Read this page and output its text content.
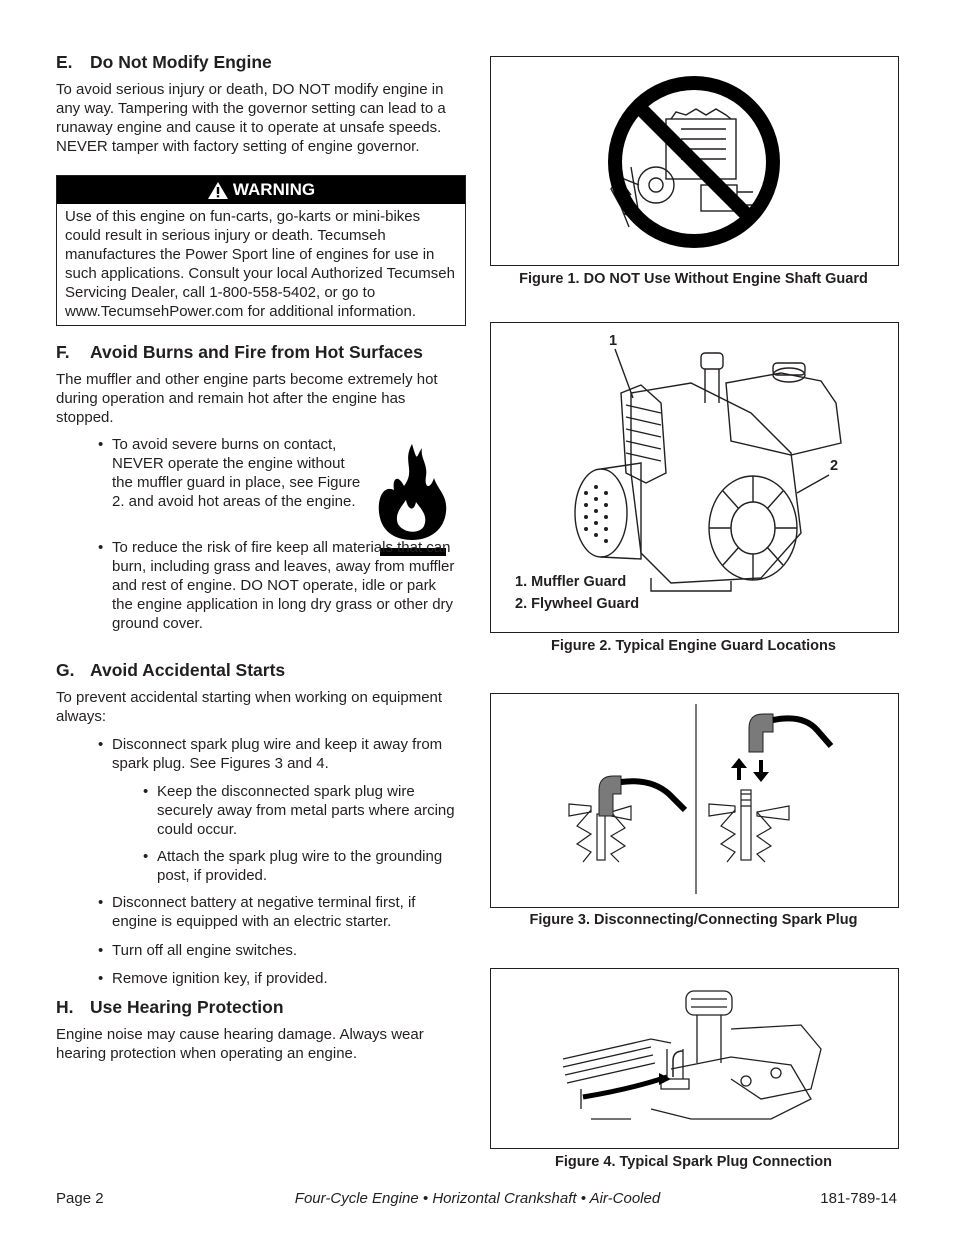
E. Do Not Modify Engine

To avoid serious injury or death, DO NOT modify engine in any way. Tampering with the governor setting can lead to a runaway engine and cause it to operate at unsafe speeds. NEVER tamper with factory setting of engine governor.

WARNING
Use of this engine on fun-carts, go-karts or mini-bikes could result in serious injury or death. Tecumseh manufactures the Power Sport line of engines for use in such applications. Consult your local Authorized Tecumseh Servicing Dealer, call 1-800-558-5402, or go to www.TecumsehPower.com for additional information.
F. Avoid Burns and Fire from Hot Surfaces

The muffler and other engine parts become extremely hot during operation and remain hot after the engine has stopped.

• To avoid severe burns on contact, NEVER operate the engine without the muffler guard in place, see Figure 2. and avoid hot areas of the engine.
• To reduce the risk of fire keep all materials that can burn, including grass and leaves, away from muffler and rest of engine. DO NOT operate, idle or park the engine application in long dry grass or other dry ground cover.
G. Avoid Accidental Starts

To prevent accidental starting when working on equipment always:

• Disconnect spark plug wire and keep it away from spark plug. See Figures 3 and 4.
• Keep the disconnected spark plug wire securely away from metal parts where arcing could occur.
• Attach the spark plug wire to the grounding post, if provided.
• Disconnect battery at negative terminal first, if engine is equipped with an electric starter.
• Turn off all engine switches.
• Remove ignition key, if provided.
H. Use Hearing Protection

Engine noise may cause hearing damage. Always wear hearing protection when operating an engine.

Figure 1. DO NOT Use Without Engine Shaft Guard
1
2
1. Muffler Guard
2. Flywheel Guard
Figure 2. Typical Engine Guard Locations
Figure 3. Disconnecting/Connecting Spark Plug
Figure 4. Typical Spark Plug Connection
Page 2	Four-Cycle Engine • Horizontal Crankshaft • Air-Cooled	181-789-14
